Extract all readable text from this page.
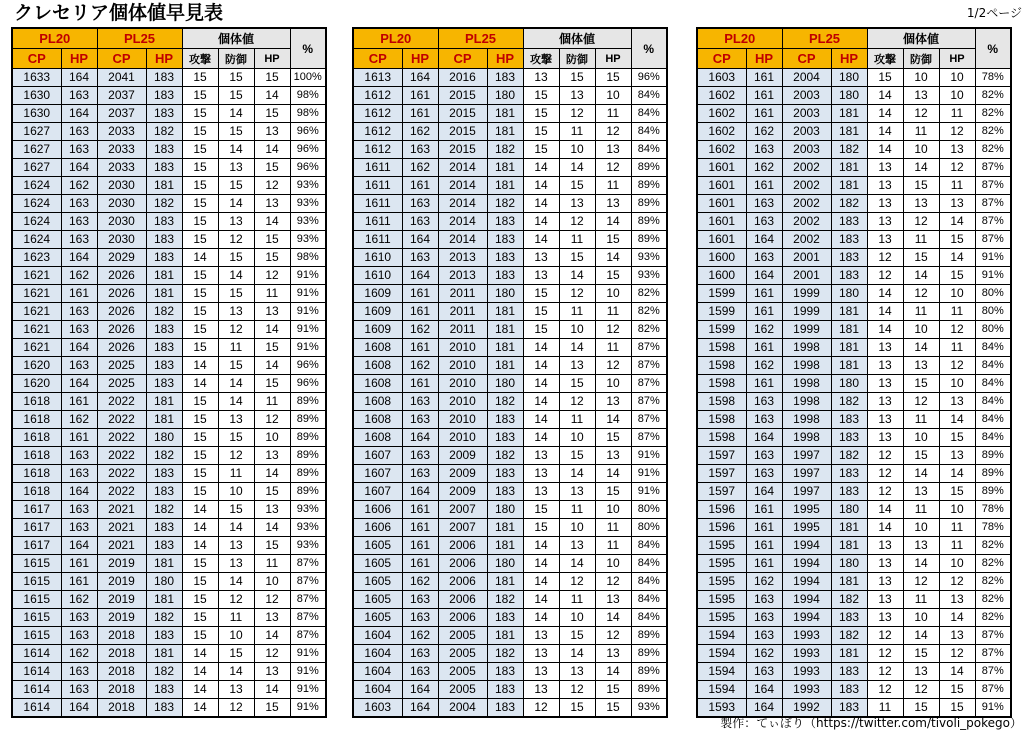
クレセリア個体値早見表	1/2ページ
PL20		PL25		個体値			%
CP	HP	CP	HP	攻撃	防御	HP	
1633	164	2041	183	15	15	15	100%
1630	163	2037	183	15	15	14	98%
1630	164	2037	183	15	14	15	98%
1627	163	2033	182	15	15	13	96%
1627	163	2033	183	15	14	14	96%
1627	164	2033	183	15	13	15	96%
1624	162	2030	181	15	15	12	93%
1624	163	2030	182	15	14	13	93%
1624	163	2030	183	15	13	14	93%
1624	163	2030	183	15	12	15	93%
1623	164	2029	183	14	15	15	98%
1621	162	2026	181	15	14	12	91%
1621	161	2026	181	15	15	11	91%
1621	163	2026	182	15	13	13	91%
1621	163	2026	183	15	12	14	91%
1621	164	2026	183	15	11	15	91%
1620	163	2025	183	14	15	14	96%
1620	164	2025	183	14	14	15	96%
1618	161	2022	181	15	14	11	89%
1618	162	2022	181	15	13	12	89%
1618	161	2022	180	15	15	10	89%
1618	163	2022	182	15	12	13	89%
1618	163	2022	183	15	11	14	89%
1618	164	2022	183	15	10	15	89%
1617	163	2021	182	14	15	13	93%
1617	163	2021	183	14	14	14	93%
1617	164	2021	183	14	13	15	93%
1615	161	2019	181	15	13	11	87%
1615	161	2019	180	15	14	10	87%
1615	162	2019	181	15	12	12	87%
1615	163	2019	182	15	11	13	87%
1615	163	2018	183	15	10	14	87%
1614	162	2018	181	14	15	12	91%
1614	163	2018	182	14	14	13	91%
1614	163	2018	183	14	13	14	91%
1614	164	2018	183	14	12	15	91%
PL20		PL25		個体値			%
CP	HP	CP	HP	攻撃	防御	HP	
1613	164	2016	183	13	15	15	96%
1612	161	2015	180	15	13	10	84%
1612	161	2015	181	15	12	11	84%
1612	162	2015	181	15	11	12	84%
1612	163	2015	182	15	10	13	84%
1611	162	2014	181	14	14	12	89%
1611	161	2014	181	14	15	11	89%
1611	163	2014	182	14	13	13	89%
1611	163	2014	183	14	12	14	89%
1611	164	2014	183	14	11	15	89%
1610	163	2013	183	13	15	14	93%
1610	164	2013	183	13	14	15	93%
1609	161	2011	180	15	12	10	82%
1609	161	2011	181	15	11	11	82%
1609	162	2011	181	15	10	12	82%
1608	161	2010	181	14	14	11	87%
1608	162	2010	181	14	13	12	87%
1608	161	2010	180	14	15	10	87%
1608	163	2010	182	14	12	13	87%
1608	163	2010	183	14	11	14	87%
1608	164	2010	183	14	10	15	87%
1607	163	2009	182	13	15	13	91%
1607	163	2009	183	13	14	14	91%
1607	164	2009	183	13	13	15	91%
1606	161	2007	180	15	11	10	80%
1606	161	2007	181	15	10	11	80%
1605	161	2006	181	14	13	11	84%
1605	161	2006	180	14	14	10	84%
1605	162	2006	181	14	12	12	84%
1605	163	2006	182	14	11	13	84%
1605	163	2006	183	14	10	14	84%
1604	162	2005	181	13	15	12	89%
1604	163	2005	182	13	14	13	89%
1604	163	2005	183	13	13	14	89%
1604	164	2005	183	13	12	15	89%
1603	164	2004	183	12	15	15	93%
PL20		PL25		個体値			%
CP	HP	CP	HP	攻撃	防御	HP	
1603	161	2004	180	15	10	10	78%
1602	161	2003	180	14	13	10	82%
1602	161	2003	181	14	12	11	82%
1602	162	2003	181	14	11	12	82%
1602	163	2003	182	14	10	13	82%
1601	162	2002	181	13	14	12	87%
1601	161	2002	181	13	15	11	87%
1601	163	2002	182	13	13	13	87%
1601	163	2002	183	13	12	14	87%
1601	164	2002	183	13	11	15	87%
1600	163	2001	183	12	15	14	91%
1600	164	2001	183	12	14	15	91%
1599	161	1999	180	14	12	10	80%
1599	161	1999	181	14	11	11	80%
1599	162	1999	181	14	10	12	80%
1598	161	1998	181	13	14	11	84%
1598	162	1998	181	13	13	12	84%
1598	161	1998	180	13	15	10	84%
1598	163	1998	182	13	12	13	84%
1598	163	1998	183	13	11	14	84%
1598	164	1998	183	13	10	15	84%
1597	163	1997	182	12	15	13	89%
1597	163	1997	183	12	14	14	89%
1597	164	1997	183	12	13	15	89%
1596	161	1995	180	14	11	10	78%
1596	161	1995	181	14	10	11	78%
1595	161	1994	181	13	13	11	82%
1595	161	1994	180	13	14	10	82%
1595	162	1994	181	13	12	12	82%
1595	163	1994	182	13	11	13	82%
1595	163	1994	183	13	10	14	82%
1594	163	1993	182	12	14	13	87%
1594	162	1993	181	12	15	12	87%
1594	163	1993	183	12	13	14	87%
1594	164	1993	183	12	12	15	87%
1593	164	1992	183	11	15	15	91%
製作：てぃぼり（https://twitter.com/tivoli_pokego）
